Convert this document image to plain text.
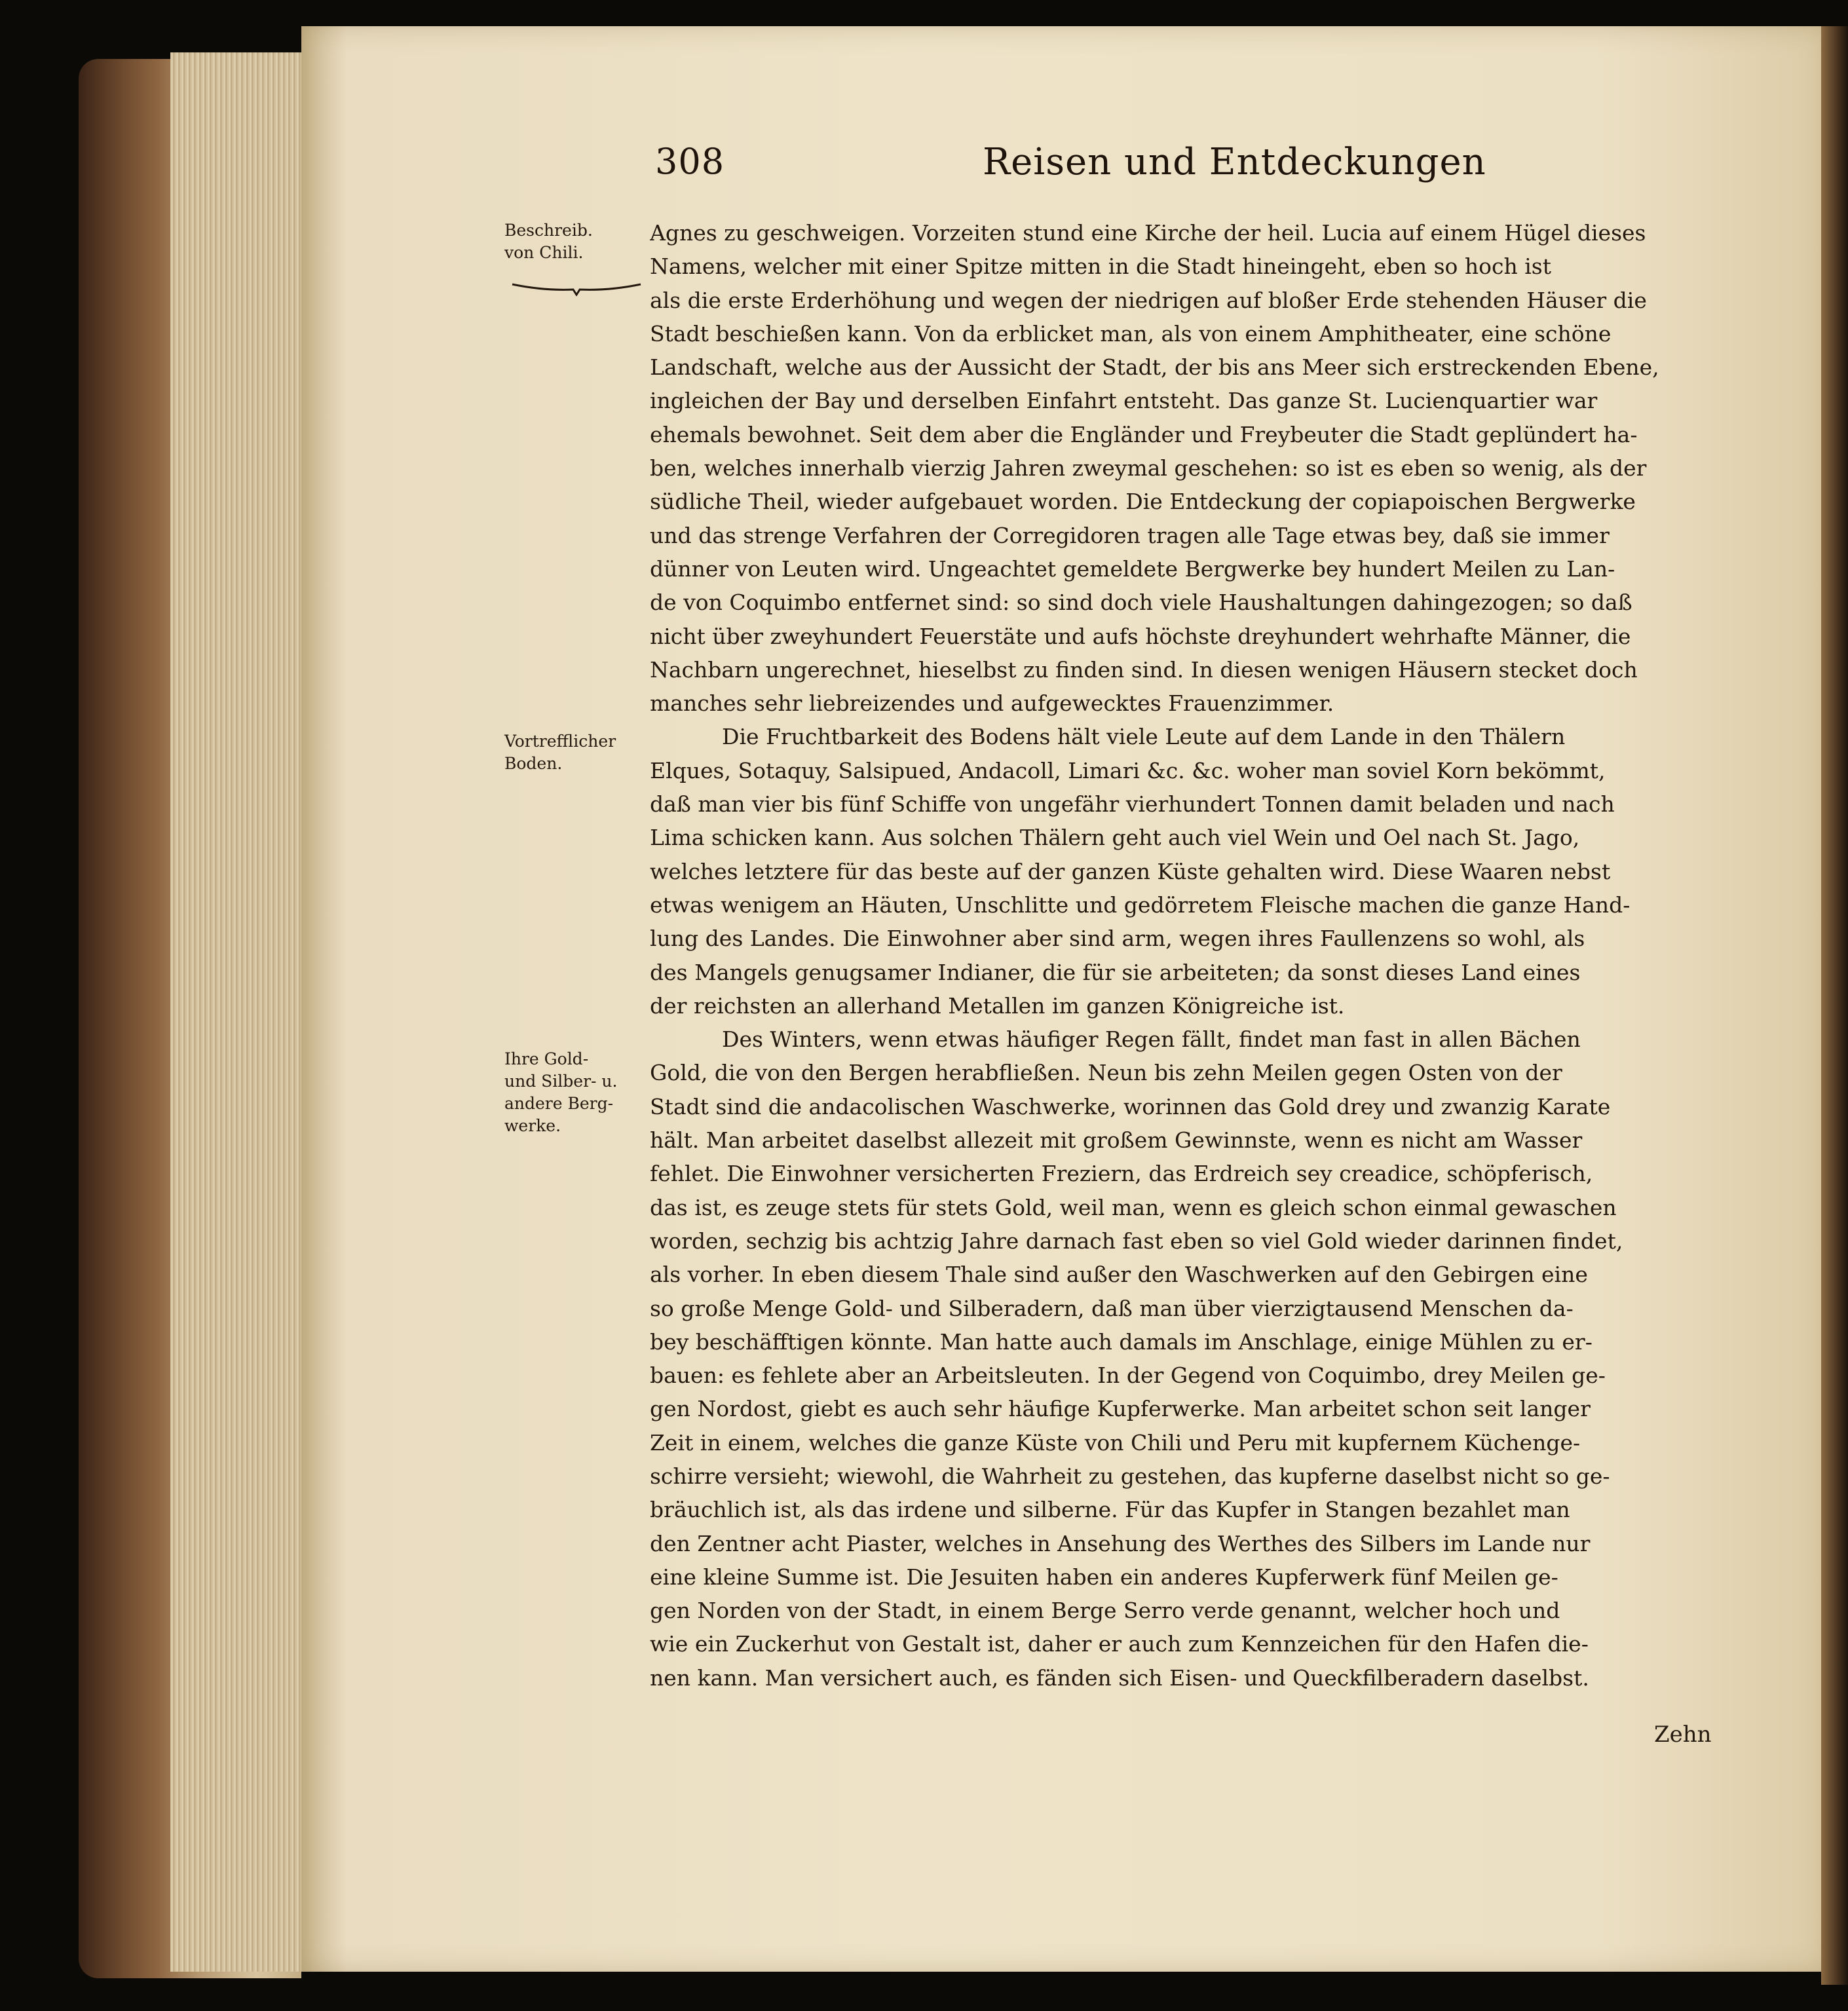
308	Reisen und Entdeckungen
Beschreib.
von Chili.
Vortrefflicher
Boden.
Ihre Gold-
und Silber- u.
andere Berg-
werke.
Agnes zu geschweigen. Vorzeiten stund eine Kirche der heil. Lucia auf einem Hügel dieses
Namens, welcher mit einer Spitze mitten in die Stadt hineingeht, eben so hoch ist
als die erste Erderhöhung und wegen der niedrigen auf bloßer Erde stehenden Häuser die
Stadt beschießen kann. Von da erblicket man, als von einem Amphitheater, eine schöne
Landschaft, welche aus der Aussicht der Stadt, der bis ans Meer sich erstreckenden Ebene,
ingleichen der Bay und derselben Einfahrt entsteht. Das ganze St. Lucienquartier war
ehemals bewohnet. Seit dem aber die Engländer und Freybeuter die Stadt geplündert ha-
ben, welches innerhalb vierzig Jahren zweymal geschehen: so ist es eben so wenig, als der
südliche Theil, wieder aufgebauet worden. Die Entdeckung der copiapoischen Bergwerke
und das strenge Verfahren der Corregidoren tragen alle Tage etwas bey, daß sie immer
dünner von Leuten wird. Ungeachtet gemeldete Bergwerke bey hundert Meilen zu Lan-
de von Coquimbo entfernet sind: so sind doch viele Haushaltungen dahingezogen; so daß
nicht über zweyhundert Feuerstäte und aufs höchste dreyhundert wehrhafte Männer, die
Nachbarn ungerechnet, hieselbst zu finden sind. In diesen wenigen Häusern stecket doch
manches sehr liebreizendes und aufgewecktes Frauenzimmer.
Die Fruchtbarkeit des Bodens hält viele Leute auf dem Lande in den Thälern
Elques, Sotaquy, Salsipued, Andacoll, Limari &c. &c. woher man soviel Korn bekömmt,
daß man vier bis fünf Schiffe von ungefähr vierhundert Tonnen damit beladen und nach
Lima schicken kann. Aus solchen Thälern geht auch viel Wein und Oel nach St. Jago,
welches letztere für das beste auf der ganzen Küste gehalten wird. Diese Waaren nebst
etwas wenigem an Häuten, Unschlitte und gedörretem Fleische machen die ganze Hand-
lung des Landes. Die Einwohner aber sind arm, wegen ihres Faullenzens so wohl, als
des Mangels genugsamer Indianer, die für sie arbeiteten; da sonst dieses Land eines
der reichsten an allerhand Metallen im ganzen Königreiche ist.
Des Winters, wenn etwas häufiger Regen fällt, findet man fast in allen Bächen
Gold, die von den Bergen herabfließen. Neun bis zehn Meilen gegen Osten von der
Stadt sind die andacolischen Waschwerke, worinnen das Gold drey und zwanzig Karate
hält. Man arbeitet daselbst allezeit mit großem Gewinnste, wenn es nicht am Wasser
fehlet. Die Einwohner versicherten Freziern, das Erdreich sey creadice, schöpferisch,
das ist, es zeuge stets für stets Gold, weil man, wenn es gleich schon einmal gewaschen
worden, sechzig bis achtzig Jahre darnach fast eben so viel Gold wieder darinnen findet,
als vorher. In eben diesem Thale sind außer den Waschwerken auf den Gebirgen eine
so große Menge Gold- und Silberadern, daß man über vierzigtausend Menschen da-
bey beschäfftigen könnte. Man hatte auch damals im Anschlage, einige Mühlen zu er-
bauen: es fehlete aber an Arbeitsleuten. In der Gegend von Coquimbo, drey Meilen ge-
gen Nordost, giebt es auch sehr häufige Kupferwerke. Man arbeitet schon seit langer
Zeit in einem, welches die ganze Küste von Chili und Peru mit kupfernem Küchenge-
schirre versieht; wiewohl, die Wahrheit zu gestehen, das kupferne daselbst nicht so ge-
bräuchlich ist, als das irdene und silberne. Für das Kupfer in Stangen bezahlet man
den Zentner acht Piaster, welches in Ansehung des Werthes des Silbers im Lande nur
eine kleine Summe ist. Die Jesuiten haben ein anderes Kupferwerk fünf Meilen ge-
gen Norden von der Stadt, in einem Berge Serro verde genannt, welcher hoch und
wie ein Zuckerhut von Gestalt ist, daher er auch zum Kennzeichen für den Hafen die-
nen kann. Man versichert auch, es fänden sich Eisen- und Queckfilberadern daselbst.
Zehn
